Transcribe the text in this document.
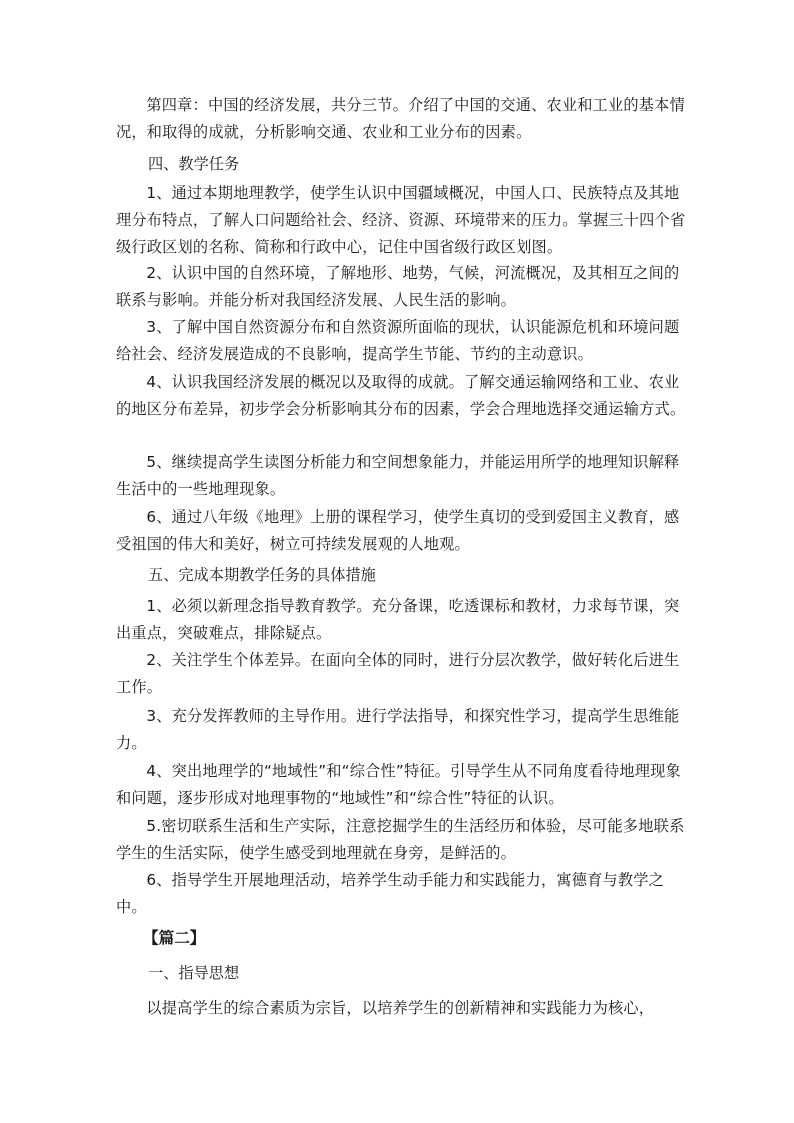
第四章：中国的经济发展，共分三节。介绍了中国的交通、农业和工业的基本情况，和取得的成就，分析影响交通、农业和工业分布的因素。

四、教学任务

1、通过本期地理教学，使学生认识中国疆域概况，中国人口、民族特点及其地理分布特点，了解人口问题给社会、经济、资源、环境带来的压力。掌握三十四个省级行政区划的名称、简称和行政中心，记住中国省级行政区划图。

2、认识中国的自然环境，了解地形、地势，气候，河流概况，及其相互之间的联系与影响。并能分析对我国经济发展、人民生活的影响。

3、了解中国自然资源分布和自然资源所面临的现状，认识能源危机和环境问题给社会、经济发展造成的不良影响，提高学生节能、节约的主动意识。

4、认识我国经济发展的概况以及取得的成就。了解交通运输网络和工业、农业的地区分布差异，初步学会分析影响其分布的因素，学会合理地选择交通运输方式。

5、继续提高学生读图分析能力和空间想象能力，并能运用所学的地理知识解释生活中的一些地理现象。

6、通过八年级《地理》上册的课程学习，使学生真切的受到爱国主义教育，感受祖国的伟大和美好，树立可持续发展观的人地观。

五、完成本期教学任务的具体措施

1、必须以新理念指导教育教学。充分备课，吃透课标和教材，力求每节课，突出重点，突破难点，排除疑点。

2、关注学生个体差异。在面向全体的同时，进行分层次教学，做好转化后进生工作。

3、充分发挥教师的主导作用。进行学法指导，和探究性学习，提高学生思维能力。

4、突出地理学的“地域性”和“综合性”特征。引导学生从不同角度看待地理现象和问题，逐步形成对地理事物的“地域性”和“综合性”特征的认识。

5.密切联系生活和生产实际，注意挖掘学生的生活经历和体验，尽可能多地联系学生的生活实际，使学生感受到地理就在身旁，是鲜活的。

6、指导学生开展地理活动，培养学生动手能力和实践能力，寓德育与教学之中。

【篇二】

一、指导思想

以提高学生的综合素质为宗旨，以培养学生的创新精神和实践能力为核心，
